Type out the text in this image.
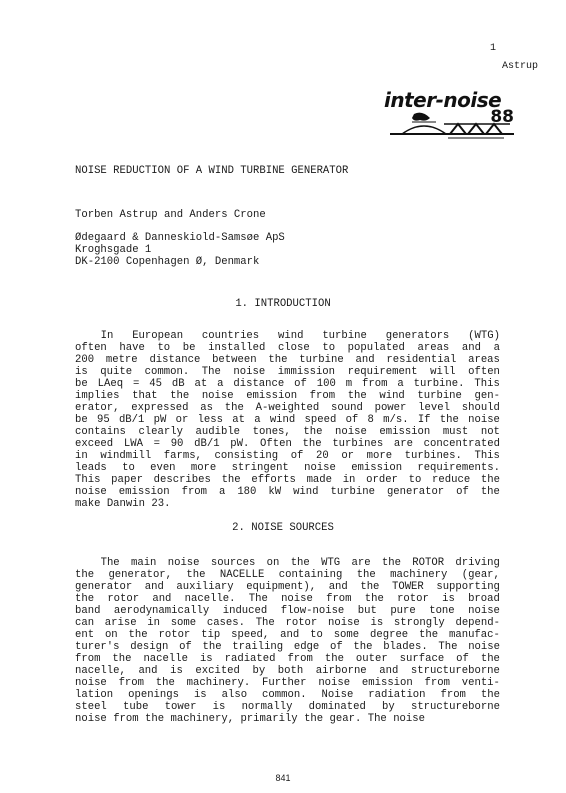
1
Astrup
inter-noise
88
NOISE REDUCTION OF A WIND TURBINE GENERATOR
Torben Astrup and Anders Crone
Ødegaard & Danneskiold-Samsøe ApS
Kroghsgade 1
DK-2100 Copenhagen Ø, Denmark
1. INTRODUCTION
In European countries wind turbine generators (WTG)
often have to be installed close to populated areas and a
200 metre distance between the turbine and residential areas
is quite common. The noise immission requirement will often
be LAeq = 45 dB at a distance of 100 m from a turbine. This
implies that the noise emission from the wind turbine gen-
erator, expressed as the A-weighted sound power level should
be 95 dB/1 pW or less at a wind speed of 8 m/s. If the noise
contains clearly audible tones, the noise emission must not
exceed LWA = 90 dB/1 pW. Often the turbines are concentrated
in windmill farms, consisting of 20 or more turbines. This
leads to even more stringent noise emission requirements.
This paper describes the efforts made in order to reduce the
noise emission from a 180 kW wind turbine generator of the
make Danwin 23.
2. NOISE SOURCES
The main noise sources on the WTG are the ROTOR driving
the generator, the NACELLE containing the machinery (gear,
generator and auxiliary equipment), and the TOWER supporting
the rotor and nacelle. The noise from the rotor is broad
band aerodynamically induced flow-noise but pure tone noise
can arise in some cases. The rotor noise is strongly depend-
ent on the rotor tip speed, and to some degree the manufac-
turer's design of the trailing edge of the blades. The noise
from the nacelle is radiated from the outer surface of the
nacelle, and is excited by both airborne and structureborne
noise from the machinery. Further noise emission from venti-
lation openings is also common. Noise radiation from the
steel tube tower is normally dominated by structureborne
noise from the machinery, primarily the gear. The noise
841
